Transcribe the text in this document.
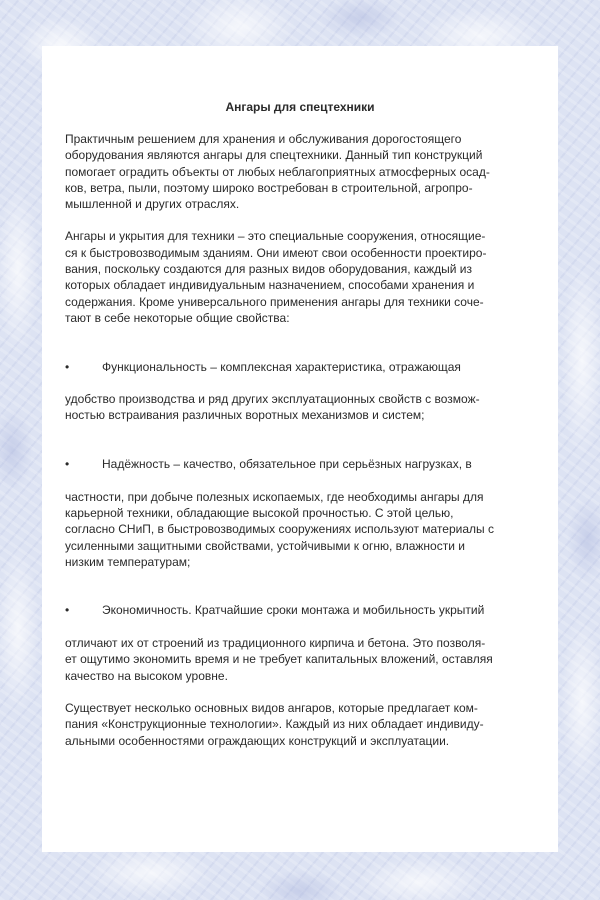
Ангары для спецтехники
Практичным решением для хранения и обслуживания дорогостоящего
оборудования являются ангары для спецтехники. Данный тип конструкций
помогает оградить объекты от любых неблагоприятных атмосферных осад-
ков, ветра, пыли, поэтому широко востребован в строительной, агропро-
мышленной и других отраслях.
Ангары и укрытия для техники – это специальные сооружения, относящие-
ся к быстровозводимым зданиям. Они имеют свои особенности проектиро-
вания, поскольку создаются для разных видов оборудования, каждый из
которых обладает индивидуальным назначением, способами хранения и
содержания. Кроме универсального применения ангары для техники сочe-
тают в себе некоторые общие свойства:

•	Функциональность – комплексная характеристика, отражающая

удобство производства и ряд других эксплуатационных свойств с возмож-
ностью встраивания различных воротных механизмов и систем;

•	Надёжность – качество, обязательное при серьёзных нагрузках, в

частности, при добыче полезных ископаемых, где необходимы ангары для
карьерной техники, обладающие высокой прочностью. С этой целью,
согласно СНиП, в быстровозводимых сооружениях используют материалы с
усиленными защитными свойствами, устойчивыми к огню, влажности и
низким температурам;

•	Экономичность. Кратчайшие сроки монтажа и мобильность укрытий

отличают их от строений из традиционного кирпича и бетона. Это позволя-
ет ощутимо экономить время и не требует капитальных вложений, оставляя
качество на высоком уровне.

Существует несколько основных видов ангаров, которые предлагает ком-
пания «Конструкционные технологии». Каждый из них обладает индивиду-
альными особенностями ограждающих конструкций и эксплуатации.
